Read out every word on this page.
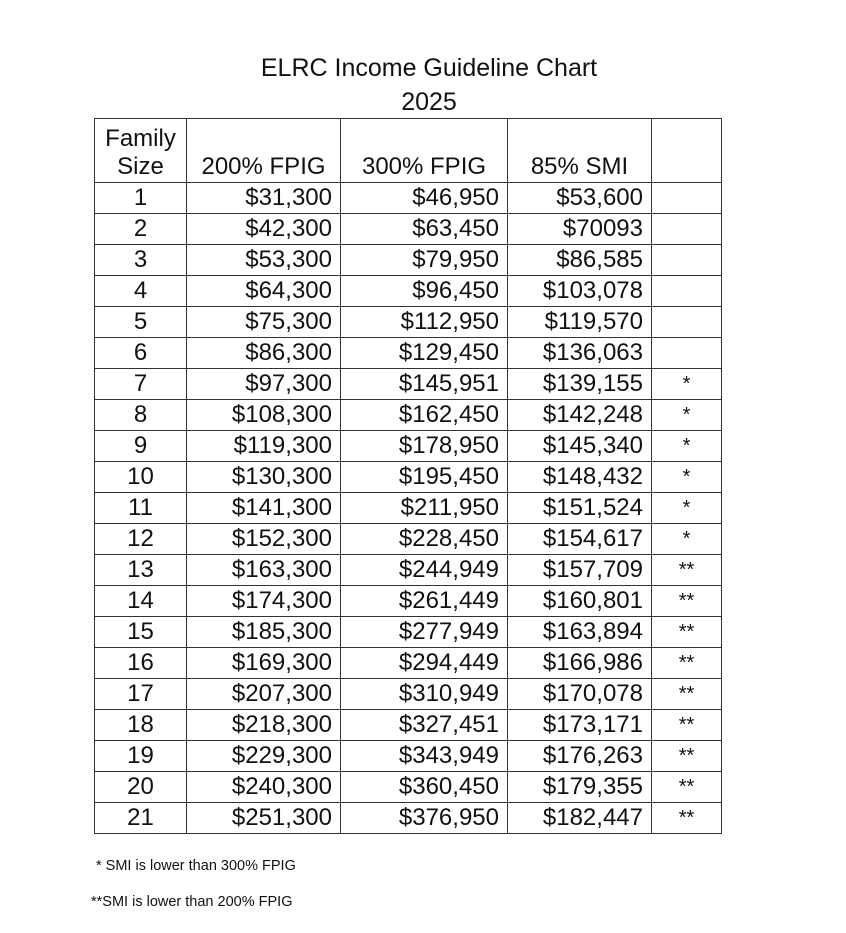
ELRC Income Guideline Chart
2025
Family
Size	200% FPIG	300% FPIG	85% SMI	
1	$31,300	$46,950	$53,600	
2	$42,300	$63,450	$70093	
3	$53,300	$79,950	$86,585	
4	$64,300	$96,450	$103,078	
5	$75,300	$112,950	$119,570	
6	$86,300	$129,450	$136,063	
7	$97,300	$145,951	$139,155	*
8	$108,300	$162,450	$142,248	*
9	$119,300	$178,950	$145,340	*
10	$130,300	$195,450	$148,432	*
11	$141,300	$211,950	$151,524	*
12	$152,300	$228,450	$154,617	*
13	$163,300	$244,949	$157,709	**
14	$174,300	$261,449	$160,801	**
15	$185,300	$277,949	$163,894	**
16	$169,300	$294,449	$166,986	**
17	$207,300	$310,949	$170,078	**
18	$218,300	$327,451	$173,171	**
19	$229,300	$343,949	$176,263	**
20	$240,300	$360,450	$179,355	**
21	$251,300	$376,950	$182,447	**
* SMI is lower than 300% FPIG
**SMI is lower than 200% FPIG
